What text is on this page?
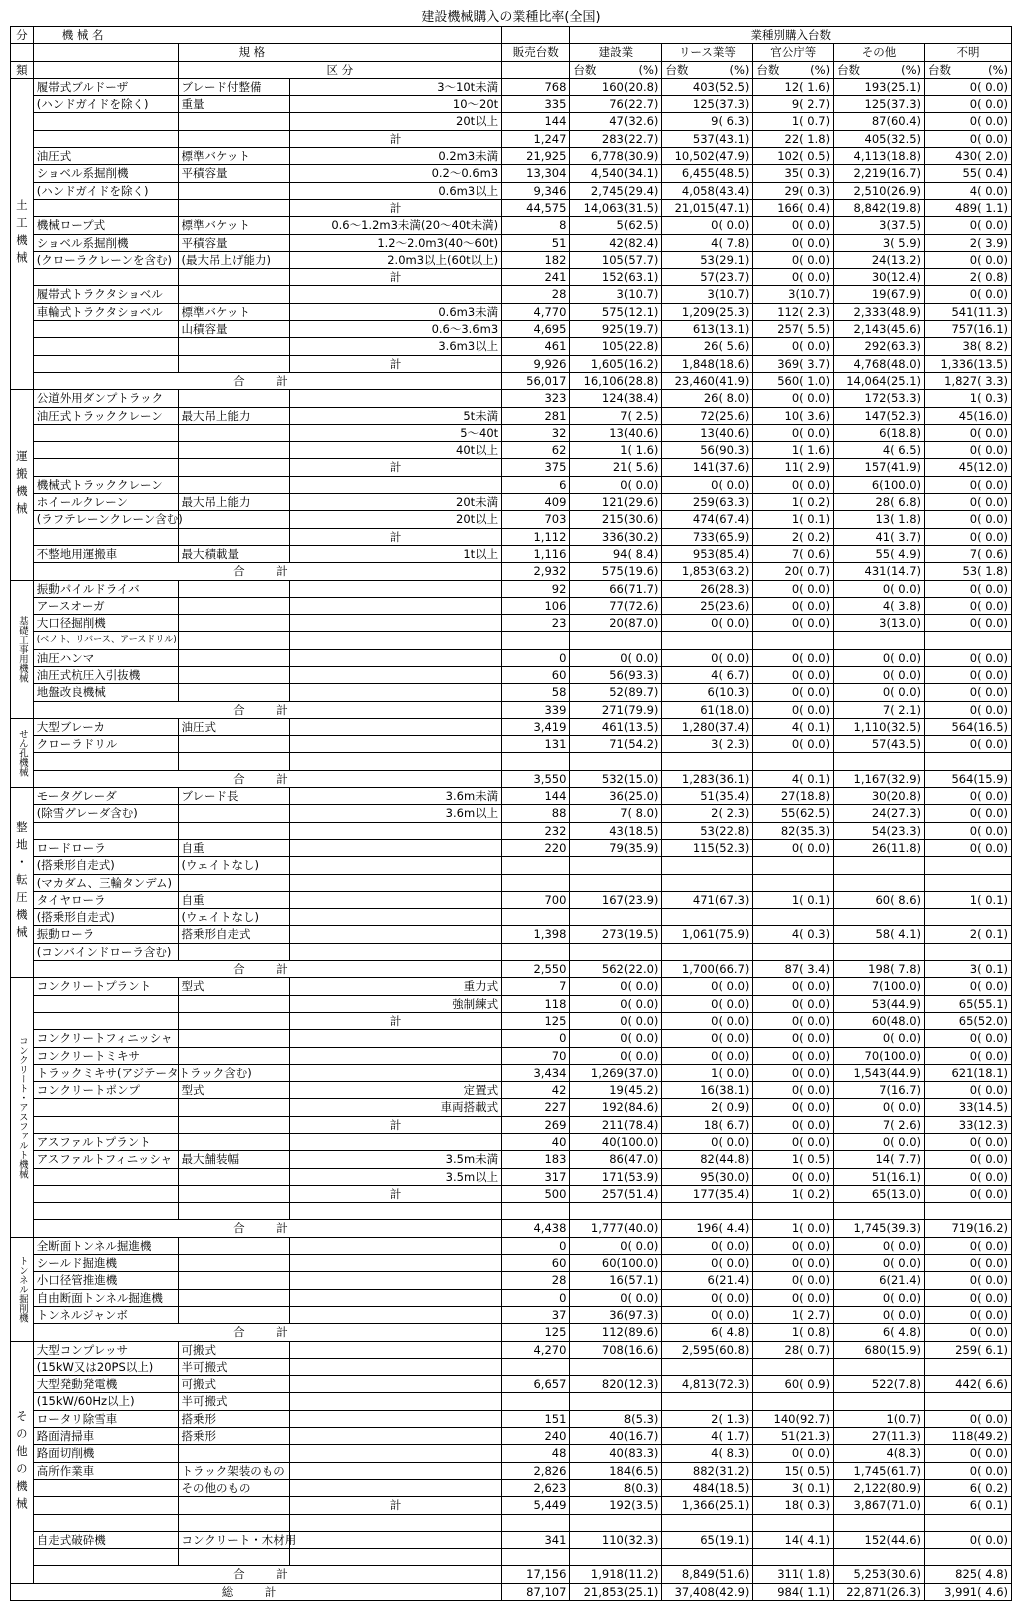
建設機械購入の業種比率(全国)
分	機 械 名				業種別購入台数				
		規 格		販売台数	建設業	リース業等	官公庁等	その他	不明
類		区 分			台数 (%)	台数 (%)	台数 (%)	台数 (%)	台数 (%)

土工機械	履帯式ブルドーザ	ブレード付整備	3～10t未満	768	160(20.8)	403(52.5)	12( 1.6)	193(25.1)	0( 0.0)
	(ハンドガイドを除く)	重量	10～20t	335	76(22.7)	125(37.3)	9( 2.7)	125(37.3)	0( 0.0)
			20t以上	144	47(32.6)	9( 6.3)	1( 0.7)	87(60.4)	0( 0.0)
			計	1,247	283(22.7)	537(43.1)	22( 1.8)	405(32.5)	0( 0.0)
	油圧式	標準バケット	0.2m3未満	21,925	6,778(30.9)	10,502(47.9)	102( 0.5)	4,113(18.8)	430( 2.0)
	ショベル系掘削機	平積容量	0.2～0.6m3	13,304	4,540(34.1)	6,455(48.5)	35( 0.3)	2,219(16.7)	55( 0.4)
	(ハンドガイドを除く)		0.6m3以上	9,346	2,745(29.4)	4,058(43.4)	29( 0.3)	2,510(26.9)	4( 0.0)
			計	44,575	14,063(31.5)	21,015(47.1)	166( 0.4)	8,842(19.8)	489( 1.1)
	機械ロープ式	標準バケット	0.6～1.2m3未満(20～40t未満)	8	5(62.5)	0( 0.0)	0( 0.0)	3(37.5)	0( 0.0)
	ショベル系掘削機	平積容量	1.2～2.0m3(40～60t)	51	42(82.4)	4( 7.8)	0( 0.0)	3( 5.9)	2( 3.9)
	(クローラクレーンを含む)	(最大吊上げ能力)	2.0m3以上(60t以上)	182	105(57.7)	53(29.1)	0( 0.0)	24(13.2)	0( 0.0)
			計	241	152(63.1)	57(23.7)	0( 0.0)	30(12.4)	2( 0.8)
	履帯式トラクタショベル			28	3(10.7)	3(10.7)	3(10.7)	19(67.9)	0( 0.0)
	車輪式トラクタショベル	標準バケット	0.6m3未満	4,770	575(12.1)	1,209(25.3)	112( 2.3)	2,333(48.9)	541(11.3)
		山積容量	0.6～3.6m3	4,695	925(19.7)	613(13.1)	257( 5.5)	2,143(45.6)	757(16.1)
			3.6m3以上	461	105(22.8)	26( 5.6)	0( 0.0)	292(63.3)	38( 8.2)
			計	9,926	1,605(16.2)	1,848(18.6)	369( 3.7)	4,768(48.0)	1,336(13.5)
	合 計			56,017	16,106(28.8)	23,460(41.9)	560( 1.0)	14,064(25.1)	1,827( 3.3)
運搬機械	公道外用ダンプトラック			323	124(38.4)	26( 8.0)	0( 0.0)	172(53.3)	1( 0.3)
	油圧式トラッククレーン	最大吊上能力	5t未満	281	7( 2.5)	72(25.6)	10( 3.6)	147(52.3)	45(16.0)
			5～40t	32	13(40.6)	13(40.6)	0( 0.0)	6(18.8)	0( 0.0)
			40t以上	62	1( 1.6)	56(90.3)	1( 1.6)	4( 6.5)	0( 0.0)
			計	375	21( 5.6)	141(37.6)	11( 2.9)	157(41.9)	45(12.0)
	機械式トラッククレーン			6	0( 0.0)	0( 0.0)	0( 0.0)	6(100.0)	0( 0.0)
	ホイールクレーン	最大吊上能力	20t未満	409	121(29.6)	259(63.3)	1( 0.2)	28( 6.8)	0( 0.0)
	(ラフテレーンクレーン含む)		20t以上	703	215(30.6)	474(67.4)	1( 0.1)	13( 1.8)	0( 0.0)
			計	1,112	336(30.2)	733(65.9)	2( 0.2)	41( 3.7)	0( 0.0)
	不整地用運搬車	最大積載量	1t以上	1,116	94( 8.4)	953(85.4)	7( 0.6)	55( 4.9)	7( 0.6)
	合 計			2,932	575(19.6)	1,853(63.2)	20( 0.7)	431(14.7)	53( 1.8)
基礎工事用機械	振動パイルドライバ			92	66(71.7)	26(28.3)	0( 0.0)	0( 0.0)	0( 0.0)
	アースオーガ			106	77(72.6)	25(23.6)	0( 0.0)	4( 3.8)	0( 0.0)
	大口径掘削機			23	20(87.0)	0( 0.0)	0( 0.0)	3(13.0)	0( 0.0)
	(ベノト、リバース、アースドリル)								
	油圧ハンマ			0	0( 0.0)	0( 0.0)	0( 0.0)	0( 0.0)	0( 0.0)
	油圧式杭圧入引抜機			60	56(93.3)	4( 6.7)	0( 0.0)	0( 0.0)	0( 0.0)
	地盤改良機械			58	52(89.7)	6(10.3)	0( 0.0)	0( 0.0)	0( 0.0)
	合 計			339	271(79.9)	61(18.0)	0( 0.0)	7( 2.1)	0( 0.0)
せん孔機械	大型ブレーカ	油圧式		3,419	461(13.5)	1,280(37.4)	4( 0.1)	1,110(32.5)	564(16.5)
	クローラドリル			131	71(54.2)	3( 2.3)	0( 0.0)	57(43.5)	0( 0.0)

	合 計			3,550	532(15.0)	1,283(36.1)	4( 0.1)	1,167(32.9)	564(15.9)
整地・転圧機械	モータグレーダ	ブレード長	3.6m未満	144	36(25.0)	51(35.4)	27(18.8)	30(20.8)	0( 0.0)
	(除雪グレーダ含む)		3.6m以上	88	7( 8.0)	2( 2.3)	55(62.5)	24(27.3)	0( 0.0)
				232	43(18.5)	53(22.8)	82(35.3)	54(23.3)	0( 0.0)
	ロードローラ	自重		220	79(35.9)	115(52.3)	0( 0.0)	26(11.8)	0( 0.0)
	(搭乗形自走式)	(ウェイトなし)							
	(マカダム、三輪タンデム)								
	タイヤローラ	自重		700	167(23.9)	471(67.3)	1( 0.1)	60( 8.6)	1( 0.1)
	(搭乗形自走式)	(ウェイトなし)							
	振動ローラ	搭乗形自走式		1,398	273(19.5)	1,061(75.9)	4( 0.3)	58( 4.1)	2( 0.1)
	(コンバインドローラ含む)								
	合 計			2,550	562(22.0)	1,700(66.7)	87( 3.4)	198( 7.8)	3( 0.1)
コンクリート・アスファルト機械	コンクリートプラント	型式	重力式	7	0( 0.0)	0( 0.0)	0( 0.0)	7(100.0)	0( 0.0)
			強制練式	118	0( 0.0)	0( 0.0)	0( 0.0)	53(44.9)	65(55.1)
			計	125	0( 0.0)	0( 0.0)	0( 0.0)	60(48.0)	65(52.0)
	コンクリートフィニッシャ			0	0( 0.0)	0( 0.0)	0( 0.0)	0( 0.0)	0( 0.0)
	コンクリートミキサ			70	0( 0.0)	0( 0.0)	0( 0.0)	70(100.0)	0( 0.0)
	トラックミキサ(アジテータトラック含む)			3,434	1,269(37.0)	1( 0.0)	0( 0.0)	1,543(44.9)	621(18.1)
	コンクリートポンプ	型式	定置式	42	19(45.2)	16(38.1)	0( 0.0)	7(16.7)	0( 0.0)
			車両搭載式	227	192(84.6)	2( 0.9)	0( 0.0)	0( 0.0)	33(14.5)
			計	269	211(78.4)	18( 6.7)	0( 0.0)	7( 2.6)	33(12.3)
	アスファルトプラント			40	40(100.0)	0( 0.0)	0( 0.0)	0( 0.0)	0( 0.0)
	アスファルトフィニッシャ	最大舗装幅	3.5m未満	183	86(47.0)	82(44.8)	1( 0.5)	14( 7.7)	0( 0.0)
			3.5m以上	317	171(53.9)	95(30.0)	0( 0.0)	51(16.1)	0( 0.0)
			計	500	257(51.4)	177(35.4)	1( 0.2)	65(13.0)	0( 0.0)

	合 計			4,438	1,777(40.0)	196( 4.4)	1( 0.0)	1,745(39.3)	719(16.2)
トンネル掘削機	全断面トンネル掘進機			0	0( 0.0)	0( 0.0)	0( 0.0)	0( 0.0)	0( 0.0)
	シールド掘進機			60	60(100.0)	0( 0.0)	0( 0.0)	0( 0.0)	0( 0.0)
	小口径管推進機			28	16(57.1)	6(21.4)	0( 0.0)	6(21.4)	0( 0.0)
	自由断面トンネル掘進機			0	0( 0.0)	0( 0.0)	0( 0.0)	0( 0.0)	0( 0.0)
	トンネルジャンボ			37	36(97.3)	0( 0.0)	1( 2.7)	0( 0.0)	0( 0.0)
	合 計			125	112(89.6)	6( 4.8)	1( 0.8)	6( 4.8)	0( 0.0)
その他の機械	大型コンプレッサ	可搬式		4,270	708(16.6)	2,595(60.8)	28( 0.7)	680(15.9)	259( 6.1)
	(15kW又は20PS以上)	半可搬式							
	大型発動発電機	可搬式		6,657	820(12.3)	4,813(72.3)	60( 0.9)	522(7.8)	442( 6.6)
	(15kW/60Hz以上)	半可搬式							
	ロータリ除雪車	搭乗形		151	8(5.3)	2( 1.3)	140(92.7)	1(0.7)	0( 0.0)
	路面清掃車	搭乗形		240	40(16.7)	4( 1.7)	51(21.3)	27(11.3)	118(49.2)
	路面切削機			48	40(83.3)	4( 8.3)	0( 0.0)	4(8.3)	0( 0.0)
	高所作業車	トラック架装のもの		2,826	184(6.5)	882(31.2)	15( 0.5)	1,745(61.7)	0( 0.0)
		その他のもの		2,623	8(0.3)	484(18.5)	3( 0.1)	2,122(80.9)	6( 0.2)
			計	5,449	192(3.5)	1,366(25.1)	18( 0.3)	3,867(71.0)	6( 0.1)

	自走式破砕機	コンクリート・木材用		341	110(32.3)	65(19.1)	14( 4.1)	152(44.6)	0( 0.0)

	合 計			17,156	1,918(11.2)	8,849(51.6)	311( 1.8)	5,253(30.6)	825( 4.8)
総 計				87,107	21,853(25.1)	37,408(42.9)	984( 1.1)	22,871(26.3)	3,991( 4.6)
